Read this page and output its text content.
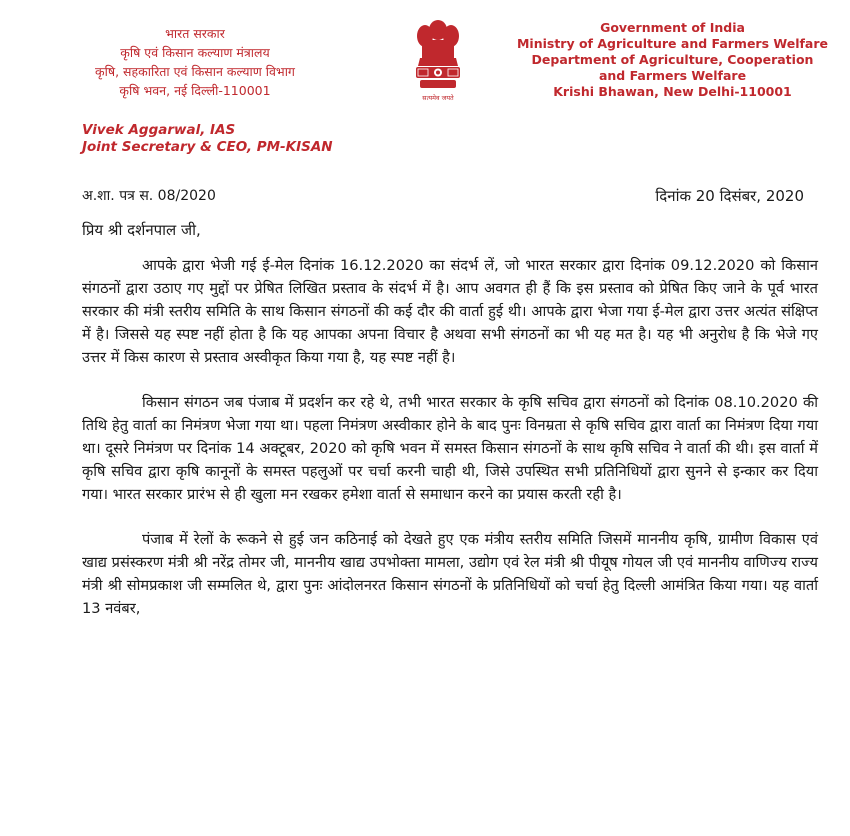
भारत सरकार
कृषि एवं किसान कल्याण मंत्रालय
कृषि, सहकारिता एवं किसान कल्याण विभाग
कृषि भवन, नई दिल्ली-110001	सत्यमेव जयते
Government of India
Ministry of Agriculture and Farmers Welfare
Department of Agriculture, Cooperation
and Farmers Welfare
Krishi Bhawan, New Delhi-110001
Vivek Aggarwal, IAS
Joint Secretary & CEO, PM-KISAN
अ.शा. पत्र स. 08/2020	दिनांक 20 दिसंबर, 2020
प्रिय श्री दर्शनपाल जी,

आपके द्वारा भेजी गई ई-मेल दिनांक 16.12.2020 का संदर्भ लें, जो भारत सरकार द्वारा दिनांक 09.12.2020 को किसान संगठनों द्वारा उठाए गए मुद्दों पर प्रेषित लिखित प्रस्ताव के संदर्भ में है। आप अवगत ही हैं कि इस प्रस्ताव को प्रेषित किए जाने के पूर्व भारत सरकार की मंत्री स्तरीय समिति के साथ किसान संगठनों की कई दौर की वार्ता हुई थी। आपके द्वारा भेजा गया ई-मेल द्वारा उत्तर अत्यंत संक्षिप्त में है। जिससे यह स्पष्ट नहीं होता है कि यह आपका अपना विचार है अथवा सभी संगठनों का भी यह मत है। यह भी अनुरोध है कि भेजे गए उत्तर में किस कारण से प्रस्ताव अस्वीकृत किया गया है, यह स्पष्ट नहीं है।

किसान संगठन जब पंजाब में प्रदर्शन कर रहे थे, तभी भारत सरकार के कृषि सचिव द्वारा संगठनों को दिनांक 08.10.2020 की तिथि हेतु वार्ता का निमंत्रण भेजा गया था। पहला निमंत्रण अस्वीकार होने के बाद पुनः विनम्रता से कृषि सचिव द्वारा वार्ता का निमंत्रण दिया गया था। दूसरे निमंत्रण पर दिनांक 14 अक्टूबर, 2020 को कृषि भवन में समस्त किसान संगठनों के साथ कृषि सचिव ने वार्ता की थी। इस वार्ता में कृषि सचिव द्वारा कृषि कानूनों के समस्त पहलुओं पर चर्चा करनी चाही थी, जिसे उपस्थित सभी प्रतिनिधियों द्वारा सुनने से इन्कार कर दिया गया। भारत सरकार प्रारंभ से ही खुला मन रखकर हमेशा वार्ता से समाधान करने का प्रयास करती रही है।

पंजाब में रेलों के रूकने से हुई जन कठिनाई को देखते हुए एक मंत्रीय स्तरीय समिति जिसमें माननीय कृषि, ग्रामीण विकास एवं खाद्य प्रसंस्करण मंत्री श्री नरेंद्र तोमर जी, माननीय खाद्य उपभोक्ता मामला, उद्योग एवं रेल मंत्री श्री पीयूष गोयल जी एवं माननीय वाणिज्य राज्य मंत्री श्री सोमप्रकाश जी सम्मलित थे, द्वारा पुनः आंदोलनरत किसान संगठनों के प्रतिनिधियों को चर्चा हेतु दिल्ली आमंत्रित किया गया। यह वार्ता 13 नवंबर,
